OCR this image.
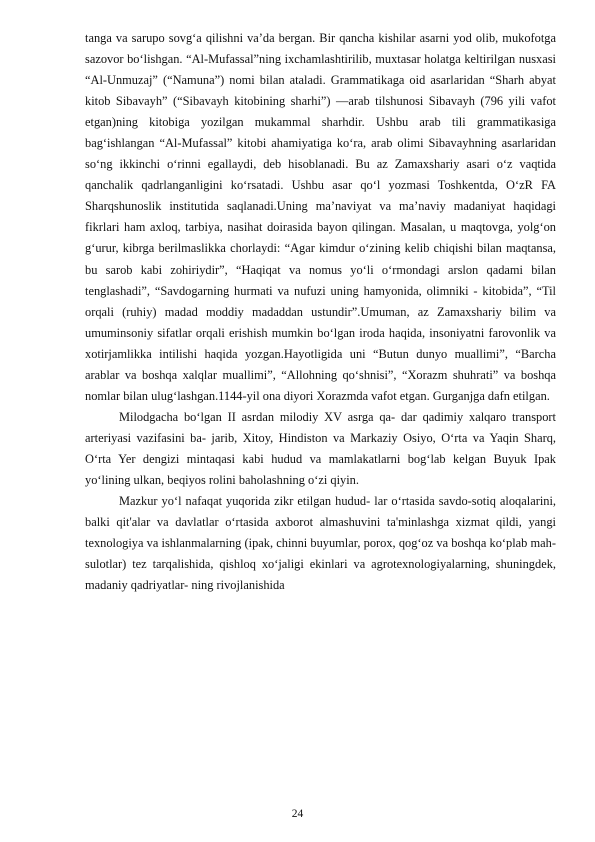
tanga va sarupo sovg‘a qilishni va’da bergan. Bir qancha kishilar asarni yod olib, mukofotga sazovor bo‘lishgan. “Al-Mufassal”ning ixchamlashtirilib, muxtasar holatga keltirilgan nusxasi “Al-Unmuzaj” (“Namuna”) nomi bilan ataladi. Grammatikaga oid asarlaridan “Sharh abyat kitob Sibavayh” (“Sibavayh kitobining sharhi”) —arab tilshunosi Sibavayh (796 yili vafot etgan)ning kitobiga yozilgan mukammal sharhdir. Ushbu arab tili grammatikasiga bag‘ishlangan “Al-Mufassal” kitobi ahamiyatiga ko‘ra, arab olimi Sibavayhning asarlaridan so‘ng ikkinchi o‘rinni egallaydi, deb hisoblanadi. Bu az Zamaxshariy asari o‘z vaqtida qanchalik qadrlanganligini ko‘rsatadi. Ushbu asar qo‘l yozmasi Toshkentda, O‘zR FA Sharqshunoslik institutida saqlanadi.Uning ma’naviyat va ma’naviy madaniyat haqidagi fikrlari ham axloq, tarbiya, nasihat doirasida bayon qilingan. Masalan, u maqtovga, yolg‘on g‘urur, kibrga berilmaslikka chorlaydi: “Agar kimdur o‘zining kelib chiqishi bilan maqtansa, bu sarob kabi zohiriydir”, “Haqiqat va nomus yo‘li o‘rmondagi arslon qadami bilan tenglashadi”, “Savdogarning hurmati va nufuzi uning hamyonida, olimniki - kitobida”, “Til orqali (ruhiy) madad moddiy madaddan ustundir”.Umuman, az Zamaxshariy bilim va umuminsoniy sifatlar orqali erishish mumkin bo‘lgan iroda haqida, insoniyatni farovonlik va xotirjamlikka intilishi haqida yozgan.Hayotligida uni “Butun dunyo muallimi”, “Barcha arablar va boshqa xalqlar muallimi”, “Allohning qo‘shnisi”, “Xorazm shuhrati” va boshqa nomlar bilan ulug‘lashgan.1144-yil ona diyori Xorazmda vafot etgan. Gurganjga dafn etilgan.

Milodgacha bo‘lgan II asrdan milodiy XV asrga qa- dar qadimiy xalqaro transport arteriyasi vazifasini ba- jarib, Xitoy, Hindiston va Markaziy Osiyo, O‘rta va Yaqin Sharq, O‘rta Yer dengizi mintaqasi kabi hudud va mamlakatlarni bog‘lab kelgan Buyuk Ipak yo‘lining ulkan, beqiyos rolini baholashning o‘zi qiyin.

Mazkur yo‘l nafaqat yuqorida zikr etilgan hudud- lar o‘rtasida savdo-sotiq aloqalarini, balki qit'alar va davlatlar o‘rtasida axborot almashuvini ta'minlashga xizmat qildi, yangi texnologiya va ishlanmalarning (ipak, chinni buyumlar, porox, qog‘oz va boshqa ko‘plab mah- sulotlar) tez tarqalishida, qishloq xo‘jaligi ekinlari va agrotexnologiyalarning, shuningdek, madaniy qadriyatlar- ning rivojlanishida

24
